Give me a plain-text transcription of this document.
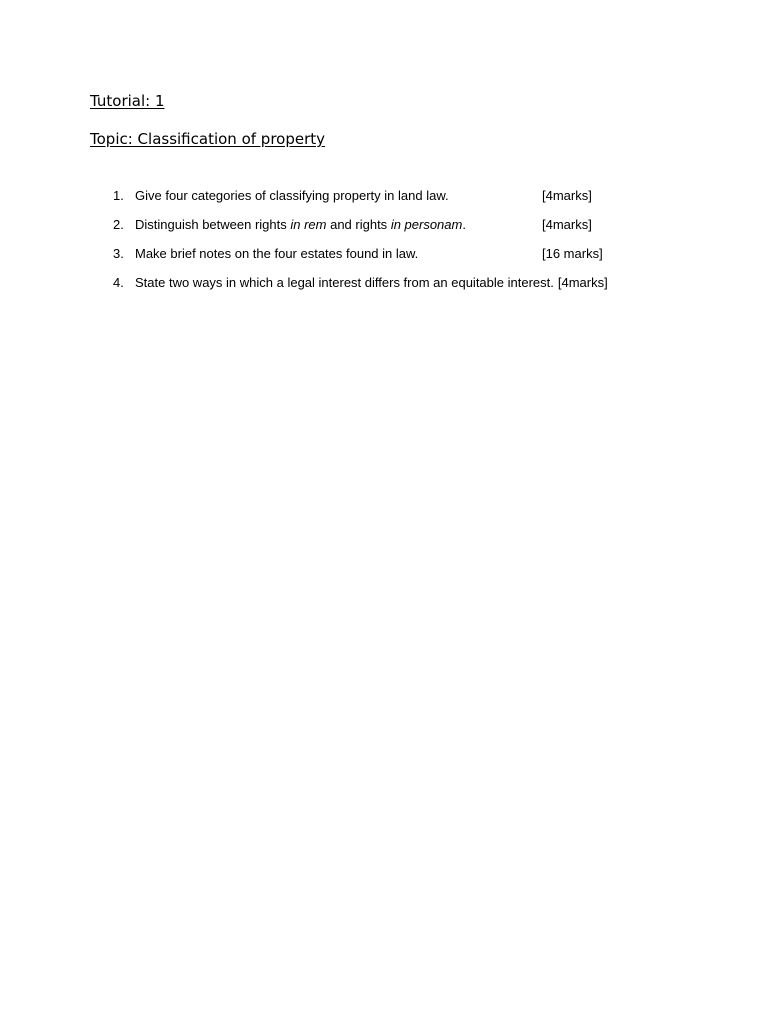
Tutorial: 1
Topic: Classification of property
1. Give four categories of classifying property in land law.	[4marks]
2. Distinguish between rights in rem and rights in personam.	[4marks]
3. Make brief notes on the four estates found in law.	[16 marks]
4. State two ways in which a legal interest differs from an equitable interest. [4marks]
